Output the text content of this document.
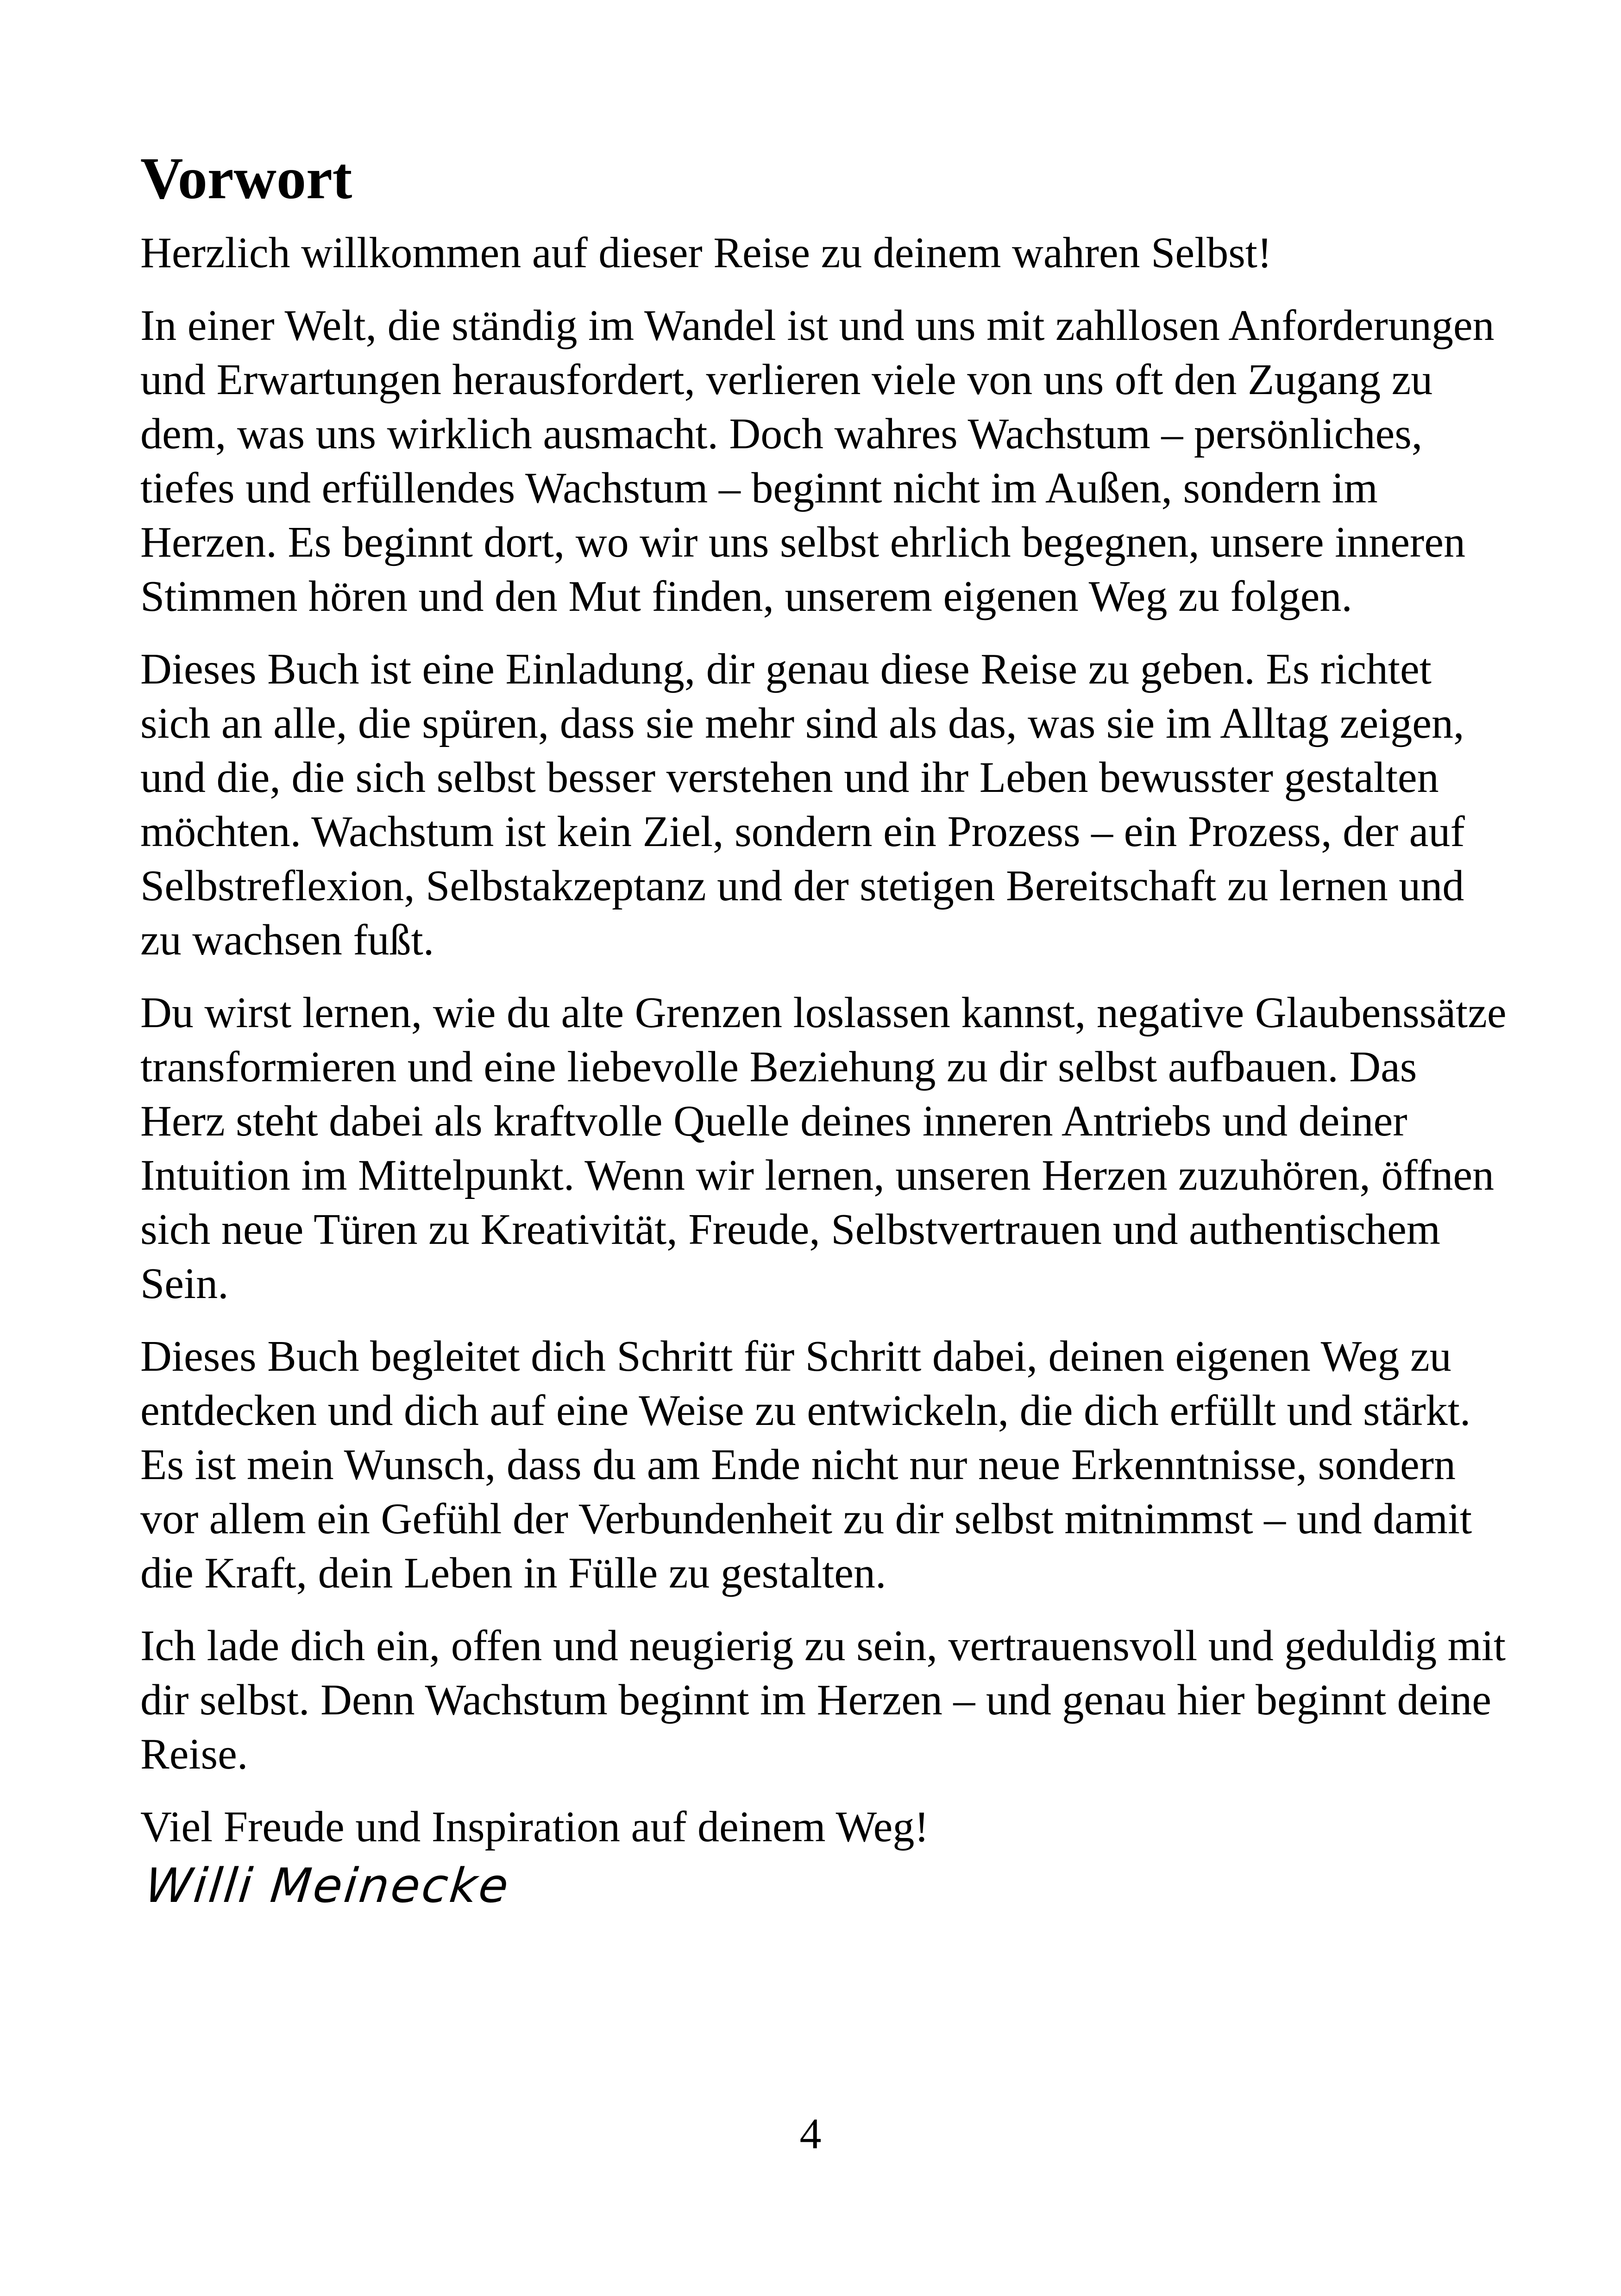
Vorwort

Herzlich willkommen auf dieser Reise zu deinem wahren Selbst!

In einer Welt, die ständig im Wandel ist und uns mit zahllosen Anforderungen und Erwartungen herausfordert, verlieren viele von uns oft den Zugang zu dem, was uns wirklich ausmacht. Doch wahres Wachstum – persönliches, tiefes und erfüllendes Wachstum – beginnt nicht im Außen, sondern im Herzen. Es beginnt dort, wo wir uns selbst ehrlich begegnen, unsere inneren Stimmen hören und den Mut finden, unserem eigenen Weg zu folgen.

Dieses Buch ist eine Einladung, dir genau diese Reise zu geben. Es richtet sich an alle, die spüren, dass sie mehr sind als das, was sie im Alltag zeigen, und die, die sich selbst besser verstehen und ihr Leben bewusster gestalten möchten. Wachstum ist kein Ziel, sondern ein Prozess – ein Prozess, der auf Selbstreflexion, Selbstakzeptanz und der stetigen Bereitschaft zu lernen und zu wachsen fußt.

Du wirst lernen, wie du alte Grenzen loslassen kannst, negative Glaubenssätze transformieren und eine liebevolle Beziehung zu dir selbst aufbauen. Das Herz steht dabei als kraftvolle Quelle deines inneren Antriebs und deiner Intuition im Mittelpunkt. Wenn wir lernen, unseren Herzen zuzuhören, öffnen sich neue Türen zu Kreativität, Freude, Selbstvertrauen und authentischem Sein.

Dieses Buch begleitet dich Schritt für Schritt dabei, deinen eigenen Weg zu entdecken und dich auf eine Weise zu entwickeln, die dich erfüllt und stärkt. Es ist mein Wunsch, dass du am Ende nicht nur neue Erkenntnisse, sondern vor allem ein Gefühl der Verbundenheit zu dir selbst mitnimmst – und damit die Kraft, dein Leben in Fülle zu gestalten.

Ich lade dich ein, offen und neugierig zu sein, vertrauensvoll und geduldig mit dir selbst. Denn Wachstum beginnt im Herzen – und genau hier beginnt deine Reise.

Viel Freude und Inspiration auf deinem Weg!

Willi Meinecke
4
